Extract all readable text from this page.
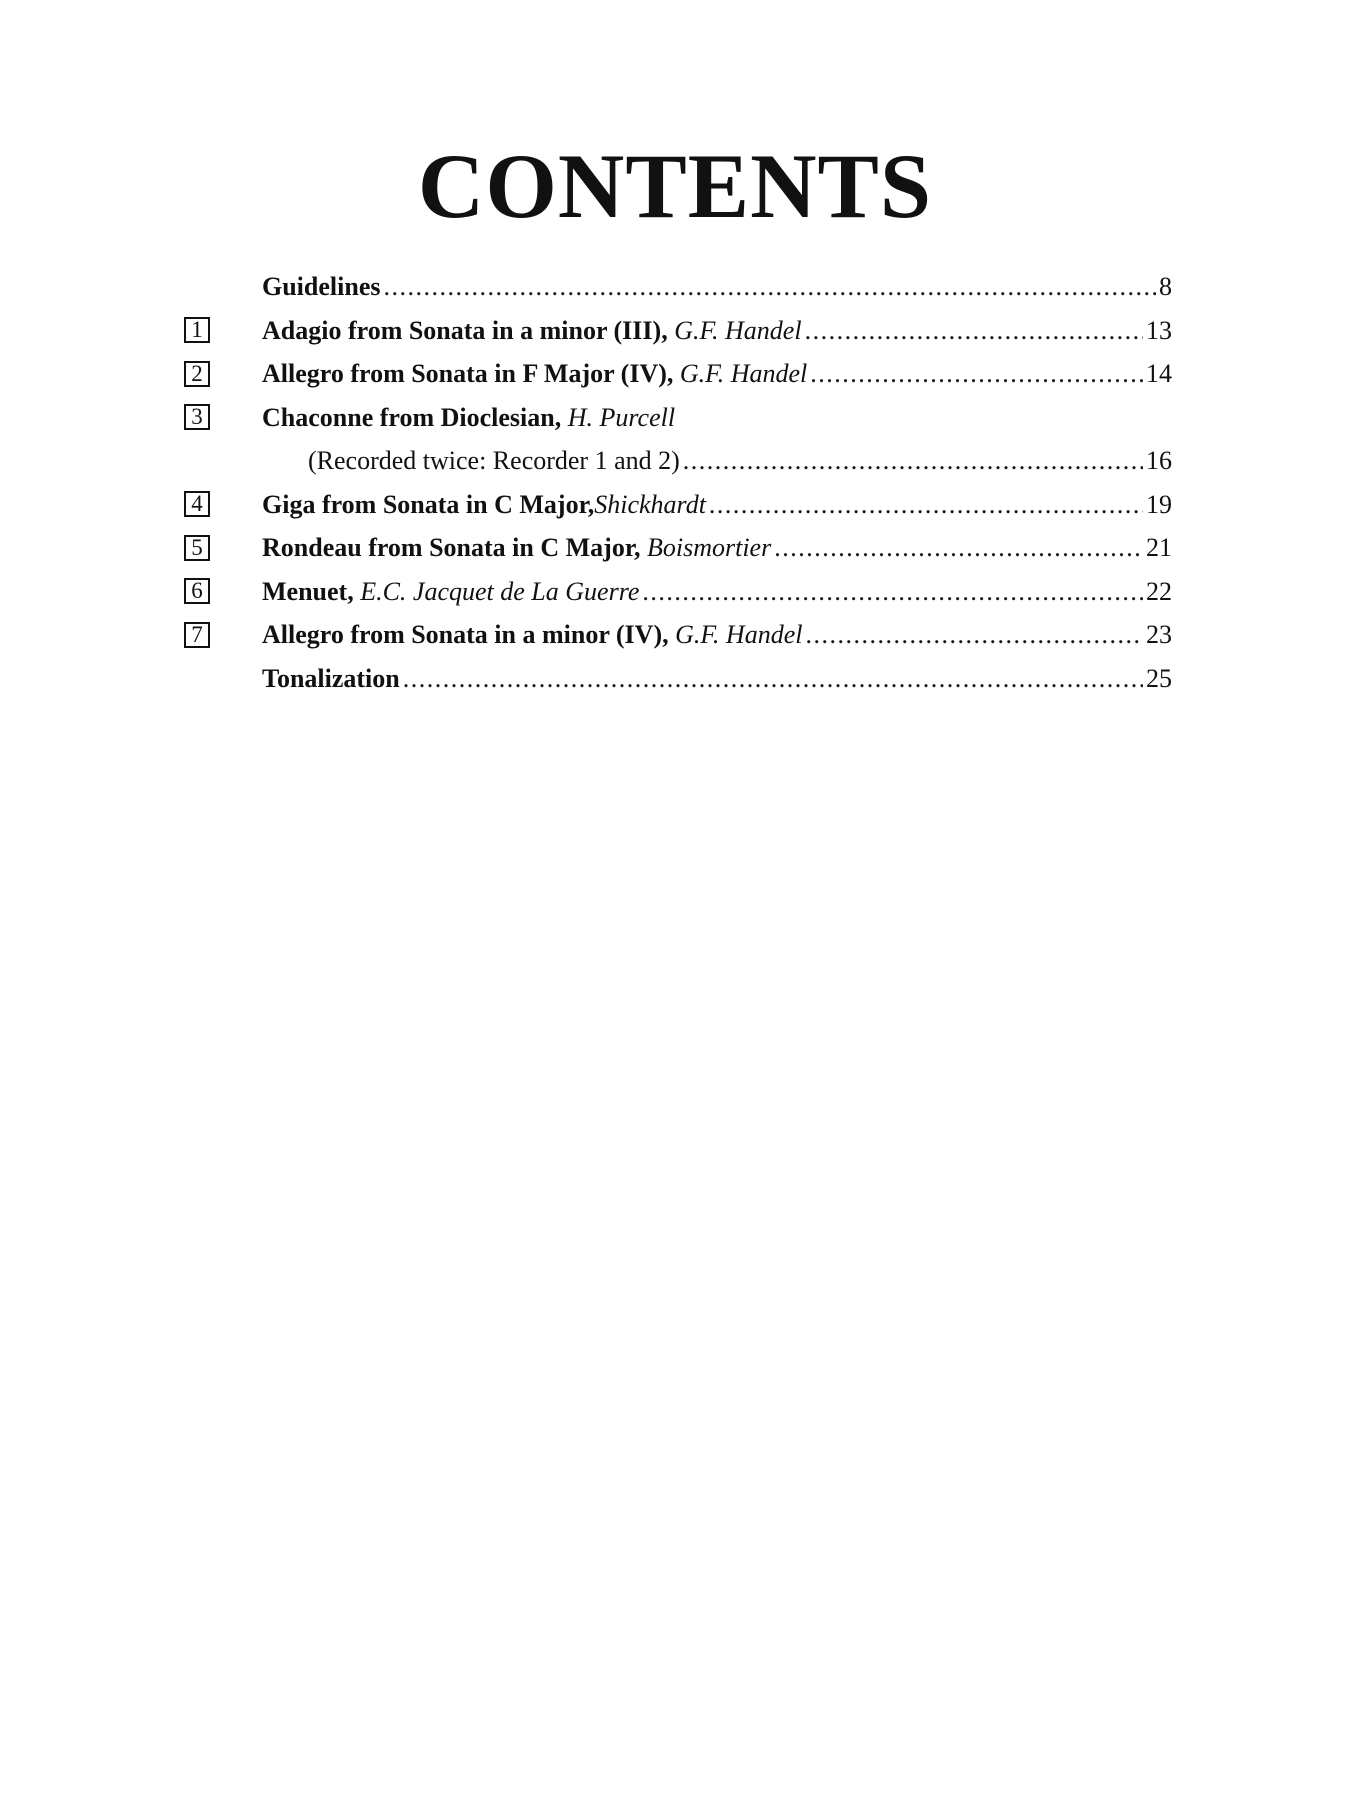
CONTENTS
Guidelines .....	8
1 Adagio from Sonata in a minor (III),
G.F. Handel .....	13
2 Allegro from Sonata in F Major (IV),
G.F. Handel .....	14
3 Chaconne from Dioclesian,
H. Purcell
(Recorded twice: Recorder 1 and 2) .....	16
4 Giga from Sonata in C Major, Shickhardt .....	19
5 Rondeau from Sonata in C Major,
Boismortier .....	21
6 Menuet,
E.C. Jacquet de La Guerre .....	22
7 Allegro from Sonata in a minor (IV),
G.F. Handel .....	23
Tonalization .....	25
